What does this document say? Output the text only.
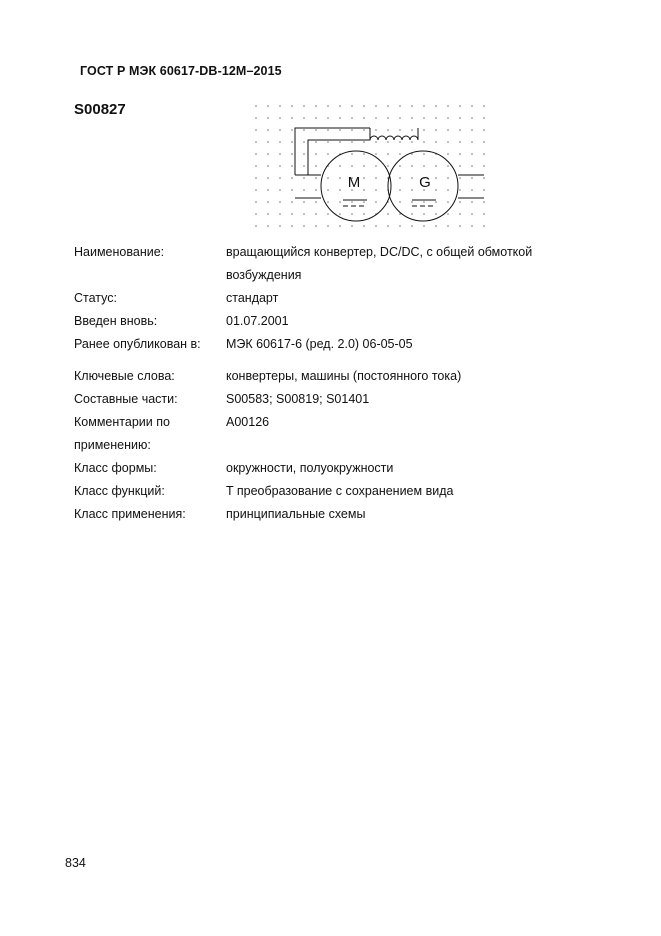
ГОСТ Р МЭК 60617-DB-12M–2015
S00827
M	G
Наименование:	вращающийся конвертер, DC/DC, с общей обмоткой возбуждения
Статус:	стандарт
Введен вновь:	01.07.2001
Ранее опубликован в:	МЭК 60617-6 (ред. 2.0) 06-05-05
Ключевые слова:	конвертеры, машины (постоянного тока)
Составные части:	S00583; S00819; S01401
Комментарии по применению:
A00126
Класс формы:	окружности, полуокружности
Класс функций:	T преобразование с сохранением вида
Класс применения:	принципиальные схемы
834
